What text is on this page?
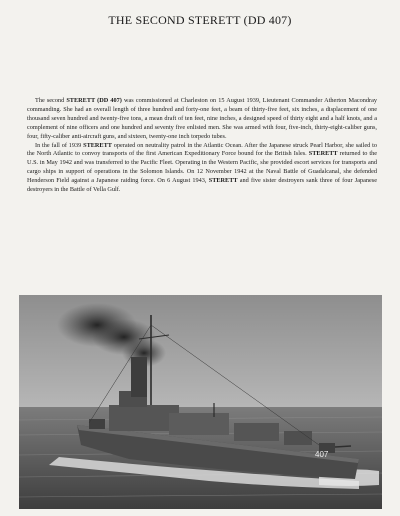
THE SECOND STERETT (DD 407)

The second STERETT (DD 407) was commissioned at Charleston on 15 August 1939, Lieutenant Commander Atherton Macondray commanding. She had an overall length of three hundred and forty-one feet, a beam of thirty-five feet, six inches, a displacement of one thousand seven hundred and twenty-five tons, a mean draft of ten feet, nine inches, a designed speed of thirty eight and a half knots, and a complement of nine officers and one hundred and seventy five enlisted men. She was armed with four, five-inch, thirty-eight-caliber guns, four, fifty-caliber anti-aircraft guns, and sixteen, twenty-one inch torpedo tubes.

In the fall of 1939 STERETT operated on neutrality patrol in the Atlantic Ocean. After the Japanese struck Pearl Harbor, she sailed to the North Atlantic to convoy transports of the first American Expeditionary Force bound for the British Isles. STERETT returned to the U.S. in May 1942 and was transferred to the Pacific Fleet. Operating in the Western Pacific, she provided escort services for transports and cargo ships in support of operations in the Solomon Islands. On 12 November 1942 at the Naval Battle of Guadalcanal, she defended Henderson Field against a Japanese raiding force. On 6 August 1943, STERETT and five sister destroyers sank three of four Japanese destroyers in the Battle of Vella Gulf.

407
